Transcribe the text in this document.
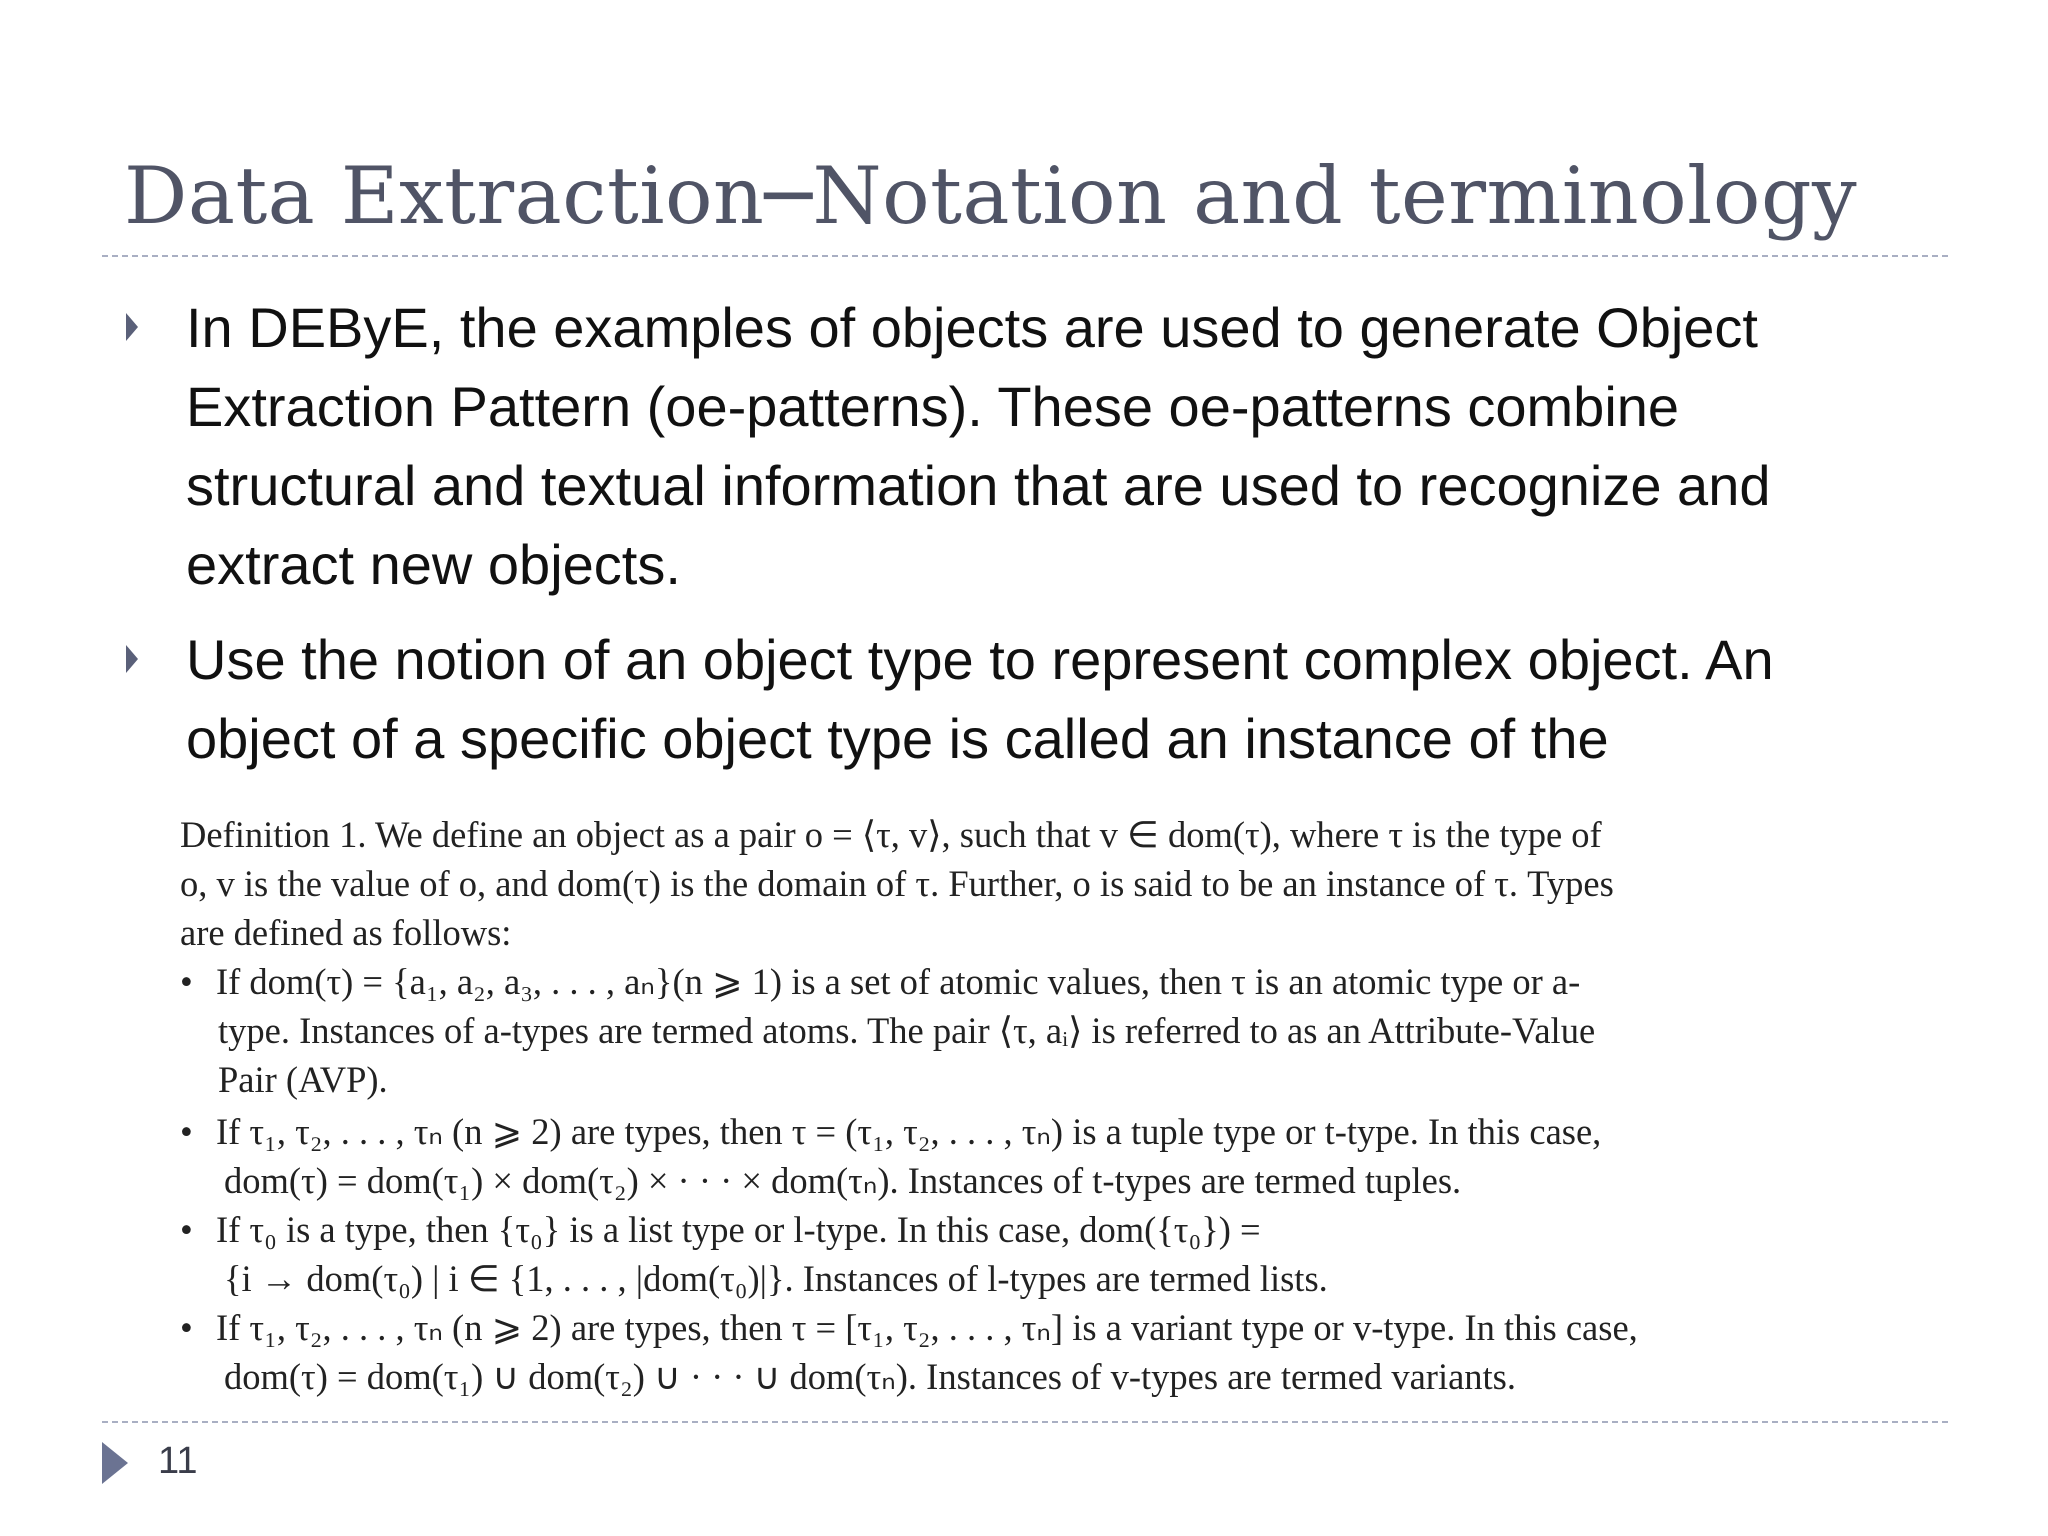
Data Extraction─Notation and terminology
In DEByE, the examples of objects are used to generate Object Extraction Pattern (oe-patterns). These oe-patterns combine structural and textual information that are used to recognize and extract new objects.
Use the notion of an object type to represent complex object. An object of a specific object type is called an instance of the
Definition 1. We define an object as a pair o = ⟨τ, v⟩, such that v ∈ dom(τ), where τ is the type of
o, v is the value of o, and dom(τ) is the domain of τ. Further, o is said to be an instance of τ. Types
are defined as follows:
• If dom(τ) = {a₁, a₂, a₃, . . . , aₙ}(n ⩾ 1) is a set of atomic values, then τ is an atomic type or a-
type. Instances of a-types are termed atoms. The pair ⟨τ, aᵢ⟩ is referred to as an Attribute-Value
Pair (AVP).
• If τ₁, τ₂, . . . , τₙ (n ⩾ 2) are types, then τ = (τ₁, τ₂, . . . , τₙ) is a tuple type or t-type. In this case,
dom(τ) = dom(τ₁) × dom(τ₂) × · · · × dom(τₙ). Instances of t-types are termed tuples.
• If τ₀ is a type, then {τ₀} is a list type or l-type. In this case, dom({τ₀}) =
{i → dom(τ₀) | i ∈ {1, . . . , |dom(τ₀)|}. Instances of l-types are termed lists.
• If τ₁, τ₂, . . . , τₙ (n ⩾ 2) are types, then τ = [τ₁, τ₂, . . . , τₙ] is a variant type or v-type. In this case,
dom(τ) = dom(τ₁) ∪ dom(τ₂) ∪ · · · ∪ dom(τₙ). Instances of v-types are termed variants.
11
